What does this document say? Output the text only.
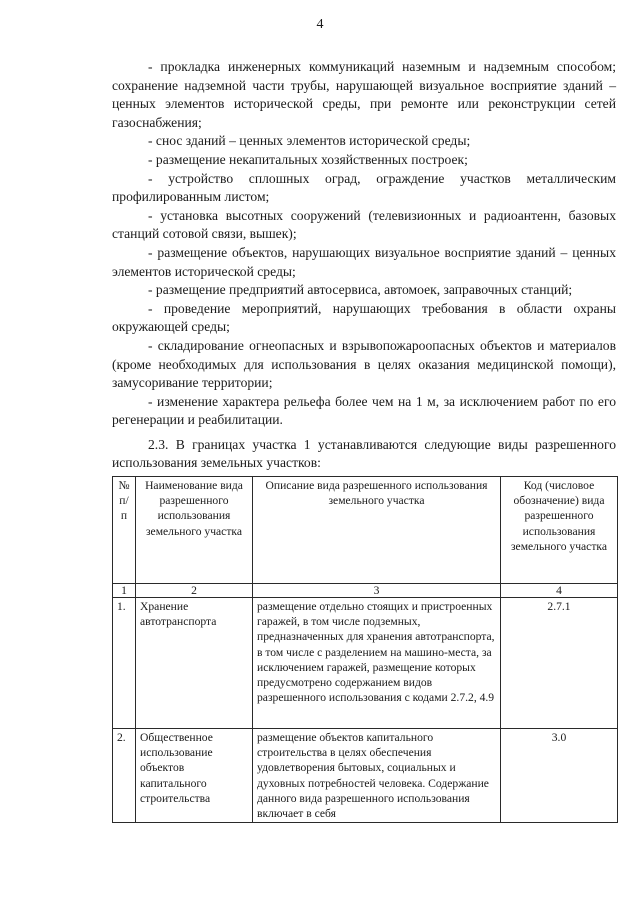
4

- прокладка инженерных коммуникаций наземным и надземным способом; сохранение надземной части трубы, нарушающей визуальное восприятие зданий – ценных элементов исторической среды, при ремонте или реконструкции сетей газоснабжения;

- снос зданий – ценных элементов исторической среды;

- размещение некапитальных хозяйственных построек;

- устройство сплошных оград, ограждение участков металлическим профилированным листом;

- установка высотных сооружений (телевизионных и радиоантенн, базовых станций сотовой связи, вышек);

- размещение объектов, нарушающих визуальное восприятие зданий – ценных элементов исторической среды;

- размещение предприятий автосервиса, автомоек, заправочных станций;

- проведение мероприятий, нарушающих требования в области охраны окружающей среды;

- складирование огнеопасных и взрывопожароопасных объектов и материалов (кроме необходимых для использования в целях оказания медицинской помощи), замусоривание территории;

- изменение характера рельефа более чем на 1 м, за исключением работ по его регенерации и реабилитации.

2.3. В границах участка 1 устанавливаются следующие виды разрешенного использования земельных участков:

№ п/п	Наименование вида разрешенного использования земельного участка	Описание вида разрешенного использования земельного участка	Код (числовое обозначение) вида разрешенного использования земельного участка
1	2	3	4
1.	Хранение автотранспорта	размещение отдельно стоящих и пристроенных гаражей, в том числе подземных, предназначенных для хранения автотранспорта, в том числе с разделением на машино-места, за исключением гаражей, размещение которых предусмотрено содержанием видов разрешенного использования с кодами 2.7.2, 4.9	2.7.1
2.	Общественное использование объектов капитального строительства	размещение объектов капитального строительства в целях обеспечения удовлетворения бытовых, социальных и духовных потребностей человека. Содержание данного вида разрешенного использования включает в себя	3.0
